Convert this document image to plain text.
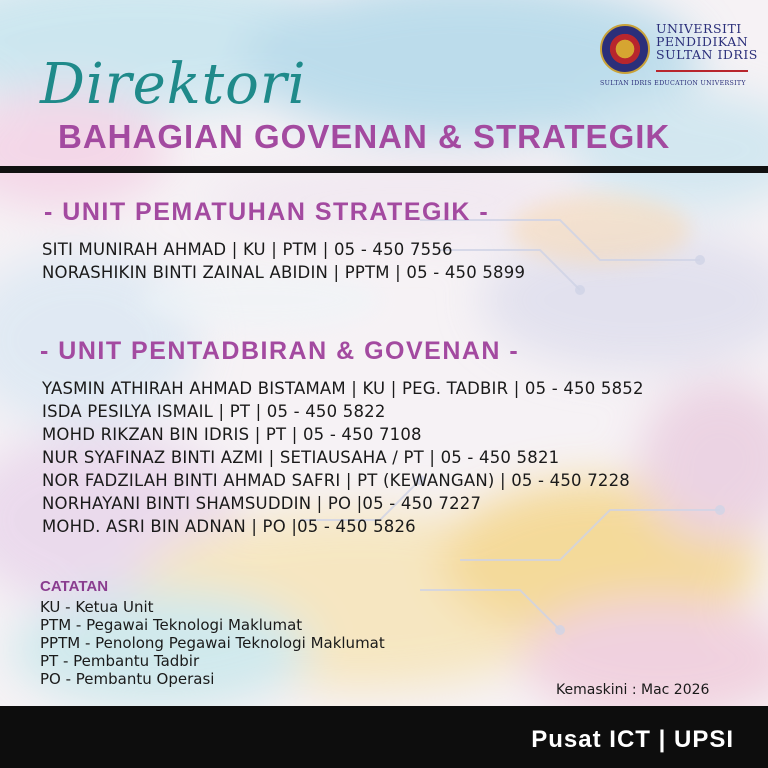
Direktori
BAHAGIAN GOVENAN & STRATEGIK
UNIVERSITI
PENDIDIKAN
SULTAN IDRIS
SULTAN IDRIS EDUCATION UNIVERSITY
- UNIT PEMATUHAN STRATEGIK -
SITI MUNIRAH AHMAD | KU | PTM | 05 - 450 7556
NORASHIKIN BINTI ZAINAL ABIDIN | PPTM | 05 - 450 5899
- UNIT PENTADBIRAN & GOVENAN -
YASMIN ATHIRAH AHMAD BISTAMAM | KU | PEG. TADBIR | 05 - 450 5852
ISDA PESILYA ISMAIL | PT | 05 - 450 5822
MOHD RIKZAN BIN IDRIS | PT | 05 - 450 7108
NUR SYAFINAZ BINTI AZMI | SETIAUSAHA / PT | 05 - 450 5821
NOR FADZILAH BINTI AHMAD SAFRI | PT (KEWANGAN) | 05 - 450 7228
NORHAYANI BINTI SHAMSUDDIN | PO |05 - 450 7227
MOHD. ASRI BIN ADNAN | PO |05 - 450 5826
CATATAN
KU - Ketua Unit
PTM - Pegawai Teknologi Maklumat
PPTM - Penolong Pegawai Teknologi Maklumat
PT - Pembantu Tadbir
PO - Pembantu Operasi
Kemaskini : Mac 2026
Pusat ICT | UPSI
